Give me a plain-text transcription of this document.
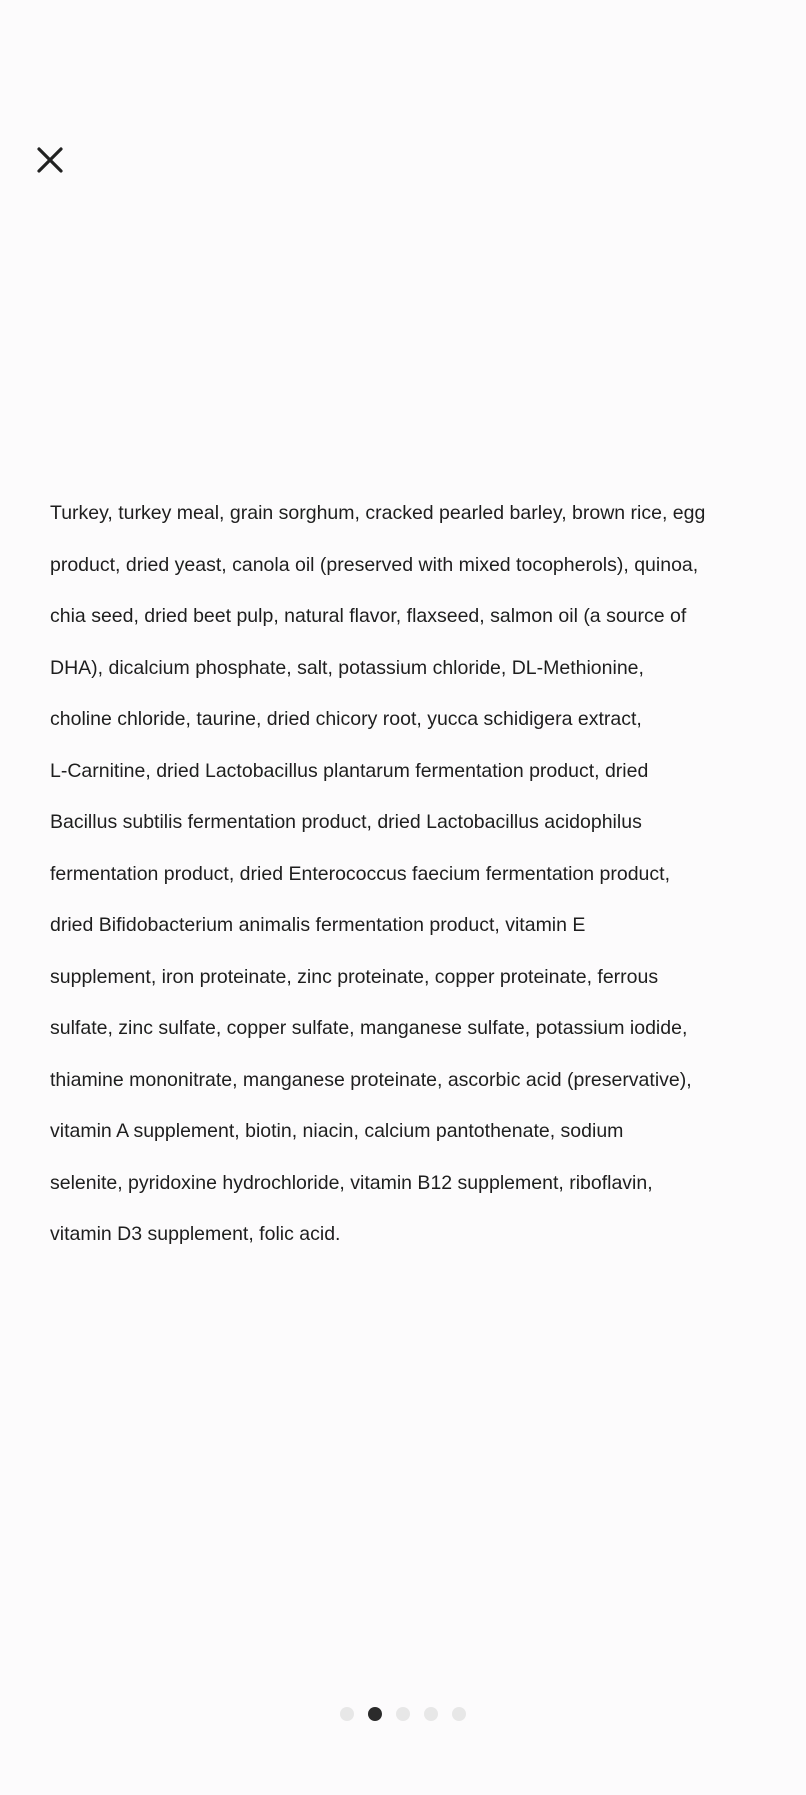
Turkey, turkey meal, grain sorghum, cracked pearled barley, brown rice, egg
product, dried yeast, canola oil (preserved with mixed tocopherols), quinoa,
chia seed, dried beet pulp, natural flavor, flaxseed, salmon oil (a source of
DHA), dicalcium phosphate, salt, potassium chloride, DL-Methionine,
choline chloride, taurine, dried chicory root, yucca schidigera extract,
L-Carnitine, dried Lactobacillus plantarum fermentation product, dried
Bacillus subtilis fermentation product, dried Lactobacillus acidophilus
fermentation product, dried Enterococcus faecium fermentation product,
dried Bifidobacterium animalis fermentation product, vitamin E
supplement, iron proteinate, zinc proteinate, copper proteinate, ferrous
sulfate, zinc sulfate, copper sulfate, manganese sulfate, potassium iodide,
thiamine mononitrate, manganese proteinate, ascorbic acid (preservative),
vitamin A supplement, biotin, niacin, calcium pantothenate, sodium
selenite, pyridoxine hydrochloride, vitamin B12 supplement, riboflavin,
vitamin D3 supplement, folic acid.
